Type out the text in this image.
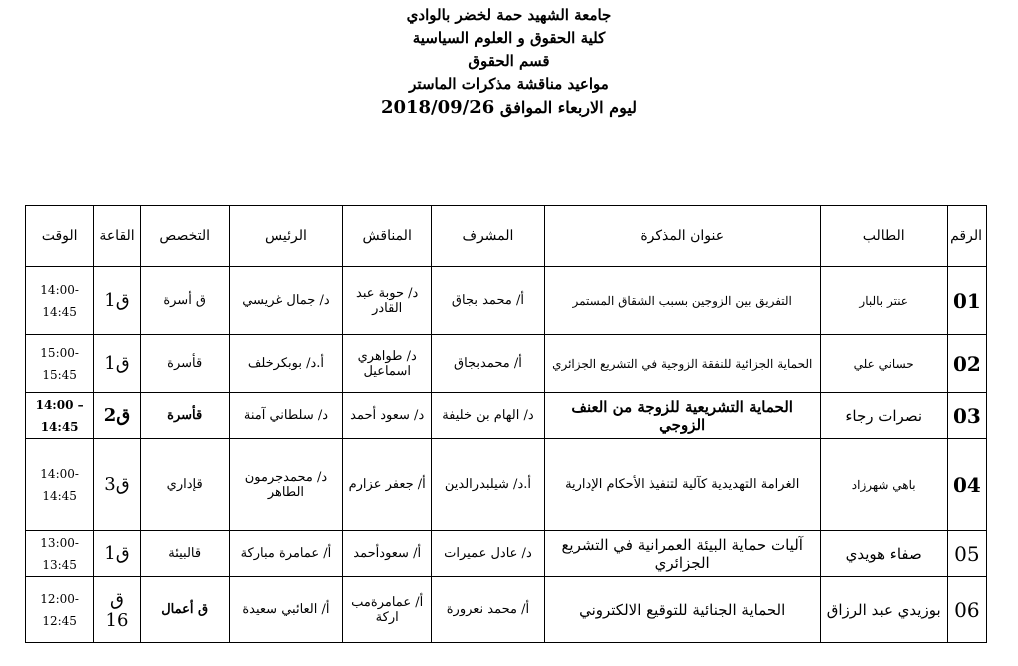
جامعة الشهيد حمة لخضر بالوادي
كلية الحقوق و العلوم السياسية
قسم الحقوق
مواعيد مناقشة مذكرات الماستر
ليوم الاربعاء الموافق 2018/09/26
الرقم	الطالب	عنوان المذكرة	المشرف	المناقش	الرئيس	التخصص	القاعة	الوقت
01	عنتر بالبار	التفريق بين الزوجين بسبب الشقاق المستمر	أ/ محمد بجاق	د/ حوبة عبد القادر	د/ جمال غريسي	ق أسرة	ق1	14:00-
14:45

02	حساني علي	الحماية الجزائية للنفقة الزوجية في التشريع الجزائري	أ/ محمدبجاق	د/ طواهري اسماعيل	أ.د/ بوبكرخلف	قأسرة	ق1	15:00-
15:45

03	نصرات رجاء	الحماية التشريعية للزوجة من العنف الزوجي	د/ الهام بن خليفة	د/ سعود أحمد	د/ سلطاني آمنة	قأسرة	ق2	14:00 –
14:45

04	باهي شهرزاد	الغرامة التهديدية كآلية لتنفيذ الأحكام الإدارية	أ.د/ شيلبدرالدين	أ/ جعفر عزارم	د/ محمدجرمون الطاهر	قإداري	ق3	14:00-
14:45

05	صفاء هويدي	آليات حماية البيئة العمرانية في التشريع الجزائري	د/ عادل عميرات	أ/ سعودأحمد	أ/ عمامرة مباركة	قالبيئة	ق1	13:00-
13:45

06	بوزيدي عبد الرزاق	الحماية الجنائية للتوقيع الالكتروني	أ/ محمد نعرورة	أ/ عمامرةمب اركة	أ/ العائبي سعيدة	ق أعمال	ق 16	12:00-
12:45
